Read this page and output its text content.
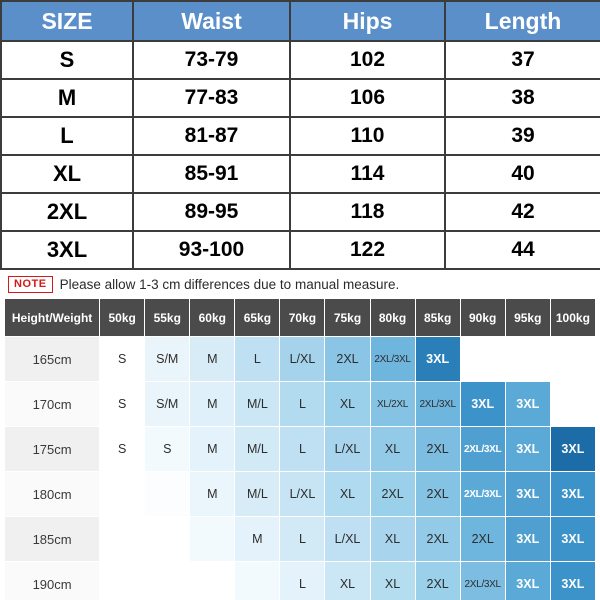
SIZE	Waist	Hips	Length
S	73-79	102	37
M	77-83	106	38
L	81-87	110	39
XL	85-91	114	40
2XL	89-95	118	42
3XL	93-100	122	44
NOTE Please allow 1-3 cm differences due to manual measure.
Height/Weight	50kg	55kg	60kg	65kg	70kg	75kg	80kg	85kg	90kg	95kg	100kg
165cm	S	S/M	M	L	L/XL	2XL	2XL/3XL	3XL			
170cm	S	S/M	M	M/L	L	XL	XL/2XL	2XL/3XL	3XL	3XL	
175cm	S	S	M	M/L	L	L/XL	XL	2XL	2XL/3XL	3XL	3XL
180cm			M	M/L	L/XL	XL	2XL	2XL	2XL/3XL	3XL	3XL
185cm				M	L	L/XL	XL	2XL	2XL	3XL	3XL
190cm					L	XL	XL	2XL	2XL/3XL	3XL	3XL
